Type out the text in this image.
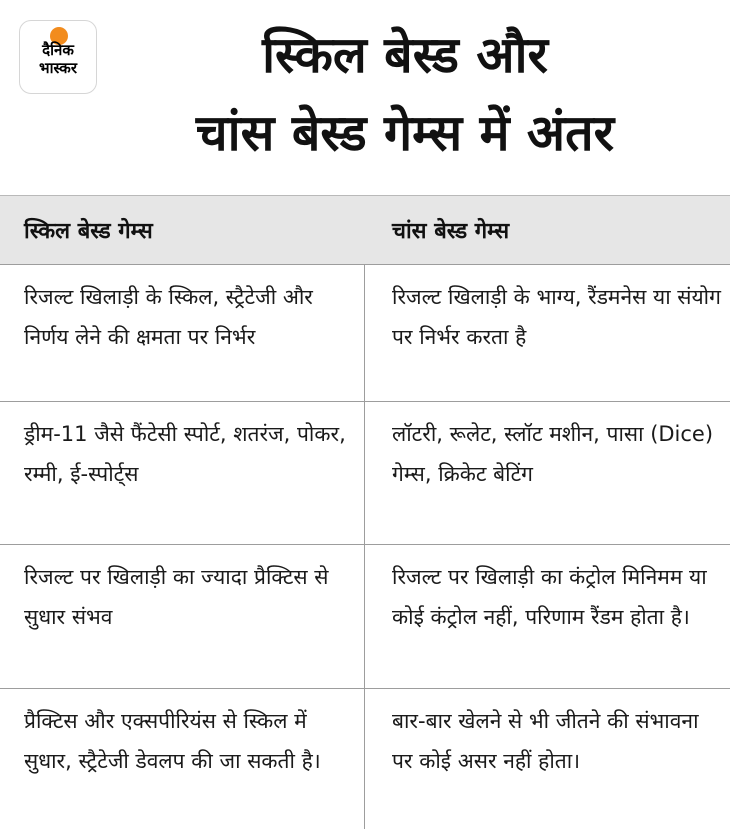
दैनिक
भास्कर	स्किल बेस्ड और
चांस बेस्ड गेम्स में अंतर
स्किल बेस्ड गेम्स	चांस बेस्ड गेम्स
रिजल्ट खिलाड़ी के स्किल, स्ट्रैटेजी और निर्णय लेने की क्षमता पर निर्भर
रिजल्ट खिलाड़ी के भाग्य, रैंडमनेस या संयोग पर निर्भर करता है
ड्रीम-11 जैसे फैंटेसी स्पोर्ट, शतरंज, पोकर, रम्मी, ई-स्पोर्ट्स
लॉटरी, रूलेट, स्लॉट मशीन, पासा (Dice) गेम्स, क्रिकेट बेटिंग
रिजल्ट पर खिलाड़ी का ज्यादा प्रैक्टिस से सुधार संभव
रिजल्ट पर खिलाड़ी का कंट्रोल मिनिमम या कोई कंट्रोल नहीं, परिणाम रैंडम होता है।
प्रैक्टिस और एक्सपीरियंस से स्किल में सुधार, स्ट्रैटेजी डेवलप की जा सकती है।
बार-बार खेलने से भी जीतने की संभावना पर कोई असर नहीं होता।
